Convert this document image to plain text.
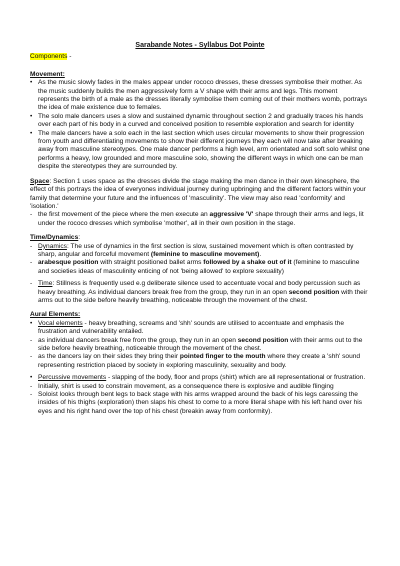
Sarabande Notes - Syllabus Dot Pointe
Components -
Movement:
• As the music slowly fades in the males appear under rococo dresses, these dresses symbolise their mother. As the music suddenly builds the men aggressively form a V shape with their arms and legs. This moment represents the birth of a male as the dresses literally symbolise them coming out of their mothers womb, portrays the idea of male existence due to females.
• The solo male dancers uses a slow and sustained dynamic throughout section 2 and gradually traces his hands over each part of his body in a curved and conceived position to resemble exploration and search for identity
• The male dancers have a solo each in the last section which uses circular movements to show their progression from youth and differentiating movements to show their different journeys they each will now take after breaking away from masculine stereotypes. One male dancer performs a high level, arm orientated and soft solo whilst one performs a heavy, low grounded and more masculine solo, showing the different ways in which one can be man despite the stereotypes they are surrounded by.

Space: Section 1 uses space as the dresses divide the stage making the men dance in their own kinesphere, the effect of this portrays the idea of everyones individual journey during upbringing and the different factors within your family that determine your future and the influences of 'masculinity'. The view may also read 'conformity' and 'isolation.'

- the first movement of the piece where the men execute an aggressive 'V' shape through their arms and legs, lit under the rococo dresses which symbolise 'mother', all in their own position in the stage.
Time/Dynamics:
- Dynamics: The use of dynamics in the first section is slow, sustained movement which is often contrasted by sharp, angular and forceful movement (feminine to masculine movement).
- arabesque position with straight positioned ballet arms followed by a shake out of it (feminine to masculine and societies ideas of masculinity enticing of not 'being allowed' to explore sexuality)
- Time: Stillness is frequently used e.g deliberate silence used to accentuate vocal and body percussion such as heavy breathing. As individual dancers break free from the group, they run in an open second position with their arms out to the side before heavily breathing, noticeable through the movement of the chest.
Aural Elements:
• Vocal elements - heavy breathing, screams and 'shh' sounds are utilised to accentuate and emphasis the frustration and vulnerability entailed.
- as individual dancers break free from the group, they run in an open second position with their arms out to the side before heavily breathing, noticeable through the movement of the chest.
- as the dancers lay on their sides they bring their pointed finger to the mouth where they create a 'shh' sound representing restriction placed by society in exploring masculinity, sexuality and body.
• Percussive movements - slapping of the body, floor and props (shirt) which are all representational or frustration.
- Initially, shirt is used to constrain movement, as a consequence there is explosive and audible flinging
- Soloist looks through bent legs to back stage with his arms wrapped around the back of his legs caressing the insides of his thighs (exploration) then slaps his chest to come to a more literal shape with his left hand over his eyes and his right hand over the top of his chest (breakin away from conformity).
